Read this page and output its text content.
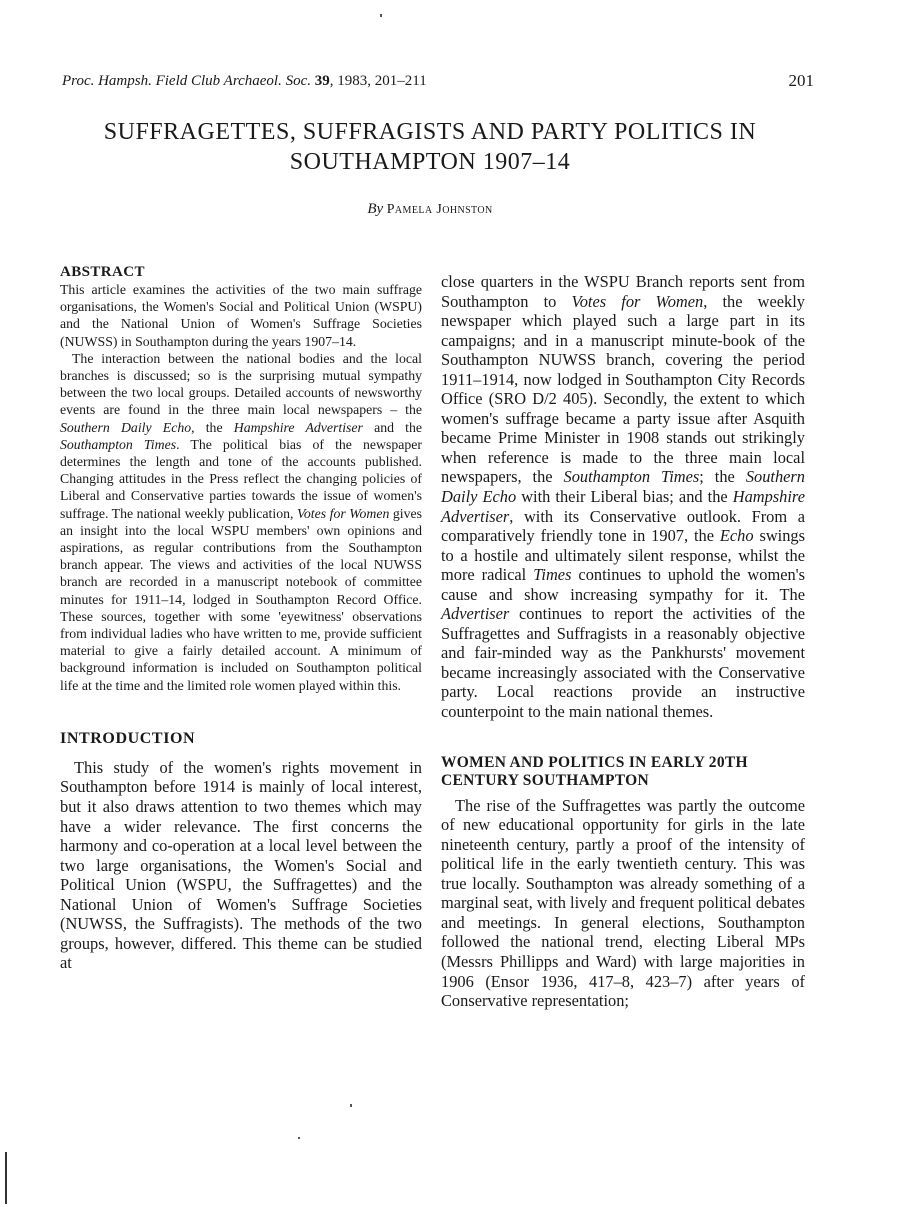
Proc. Hampsh. Field Club Archaeol. Soc. 39, 1983, 201–211	201
SUFFRAGETTES, SUFFRAGISTS AND PARTY POLITICS IN
SOUTHAMPTON 1907–14
By Pamela Johnston
ABSTRACT

This article examines the activities of the two main suffrage organisations, the Women's Social and Political Union (WSPU) and the National Union of Women's Suffrage Societies (NUWSS) in Southampton during the years 1907–14.

The interaction between the national bodies and the local branches is discussed; so is the surprising mutual sympathy between the two local groups. Detailed accounts of newsworthy events are found in the three main local newspapers – the Southern Daily Echo, the Hampshire Advertiser and the Southampton Times. The political bias of the newspaper determines the length and tone of the accounts published. Changing attitudes in the Press reflect the changing policies of Liberal and Conservative parties towards the issue of women's suffrage. The national weekly publication, Votes for Women gives an insight into the local WSPU members' own opinions and aspirations, as regular contributions from the Southampton branch appear. The views and activities of the local NUWSS branch are recorded in a manuscript notebook of committee minutes for 1911–14, lodged in Southampton Record Office. These sources, together with some 'eyewitness' observations from individual ladies who have written to me, provide sufficient material to give a fairly detailed account. A minimum of background information is included on Southampton political life at the time and the limited role women played within this.

INTRODUCTION

This study of the women's rights movement in Southampton before 1914 is mainly of local interest, but it also draws attention to two themes which may have a wider relevance. The first concerns the harmony and co-operation at a local level between the two large organisations, the Women's Social and Political Union (WSPU, the Suffragettes) and the National Union of Women's Suffrage Societies (NUWSS, the Suffragists). The methods of the two groups, however, differed. This theme can be studied at

close quarters in the WSPU Branch reports sent from Southampton to Votes for Women, the weekly newspaper which played such a large part in its campaigns; and in a manuscript minute-book of the Southampton NUWSS branch, covering the period 1911–1914, now lodged in Southampton City Records Office (SRO D/2 405). Secondly, the extent to which women's suffrage became a party issue after Asquith became Prime Minister in 1908 stands out strikingly when reference is made to the three main local newspapers, the Southampton Times; the Southern Daily Echo with their Liberal bias; and the Hampshire Advertiser, with its Conservative outlook. From a comparatively friendly tone in 1907, the Echo swings to a hostile and ultimately silent response, whilst the more radical Times continues to uphold the women's cause and show increasing sympathy for it. The Advertiser continues to report the activities of the Suffragettes and Suffragists in a reasonably objective and fair-minded way as the Pankhursts' movement became increasingly associated with the Conservative party. Local reactions provide an instructive counterpoint to the main national themes.

WOMEN AND POLITICS IN EARLY 20TH
CENTURY SOUTHAMPTON

The rise of the Suffragettes was partly the outcome of new educational opportunity for girls in the late nineteenth century, partly a proof of the intensity of political life in the early twentieth century. This was true locally. Southampton was already something of a marginal seat, with lively and frequent political debates and meetings. In general elections, Southampton followed the national trend, electing Liberal MPs (Messrs Phillipps and Ward) with large majorities in 1906 (Ensor 1936, 417–8, 423–7) after years of Conservative representation;
